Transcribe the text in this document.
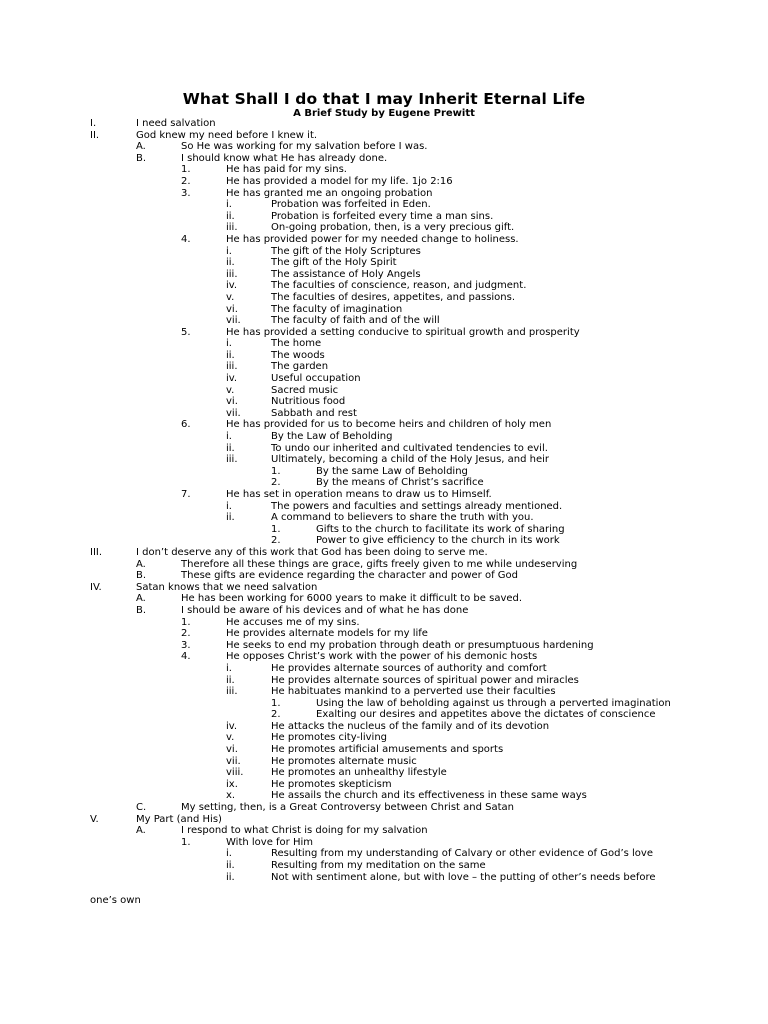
What Shall I do that I may Inherit Eternal Life
A Brief Study by Eugene Prewitt
I.	I need salvation
II.	God knew my need before I knew it.
A.	So He was working for my salvation before I was.
B.	I should know what He has already done.
1.	He has paid for my sins.
2.	He has provided a model for my life. 1jo 2:16
3.	He has granted me an ongoing probation
i.	Probation was forfeited in Eden.
ii.	Probation is forfeited every time a man sins.
iii.	On-going probation, then, is a very precious gift.
4.	He has provided power for my needed change to holiness.
i.	The gift of the Holy Scriptures
ii.	The gift of the Holy Spirit
iii.	The assistance of Holy Angels
iv.	The faculties of conscience, reason, and judgment.
v.	The faculties of desires, appetites, and passions.
vi.	The faculty of imagination
vii.	The faculty of faith and of the will
5.	He has provided a setting conducive to spiritual growth and prosperity
i.	The home
ii.	The woods
iii.	The garden
iv.	Useful occupation
v.	Sacred music
vi.	Nutritious food
vii.	Sabbath and rest
6.	He has provided for us to become heirs and children of holy men
i.	By the Law of Beholding
ii.	To undo our inherited and cultivated tendencies to evil.
iii.	Ultimately, becoming a child of the Holy Jesus, and heir
1.	By the same Law of Beholding
2.	By the means of Christ’s sacrifice
7.	He has set in operation means to draw us to Himself.
i.	The powers and faculties and settings already mentioned.
ii.	A command to believers to share the truth with you.
1.	Gifts to the church to facilitate its work of sharing
2.	Power to give efficiency to the church in its work
III.	I don’t deserve any of this work that God has been doing to serve me.
A.	Therefore all these things are grace, gifts freely given to me while undeserving
B.	These gifts are evidence regarding the character and power of God
IV.	Satan knows that we need salvation
A.	He has been working for 6000 years to make it difficult to be saved.
B.	I should be aware of his devices and of what he has done
1.	He accuses me of my sins.
2.	He provides alternate models for my life
3.	He seeks to end my probation through death or presumptuous hardening
4.	He opposes Christ’s work with the power of his demonic hosts
i.	He provides alternate sources of authority and comfort
ii.	He provides alternate sources of spiritual power and miracles
iii.	He habituates mankind to a perverted use their faculties
1.	Using the law of beholding against us through a perverted imagination
2.	Exalting our desires and appetites above the dictates of conscience
iv.	He attacks the nucleus of the family and of its devotion
v.	He promotes city-living
vi.	He promotes artificial amusements and sports
vii.	He promotes alternate music
viii.	He promotes an unhealthy lifestyle
ix.	He promotes skepticism
x.	He assails the church and its effectiveness in these same ways
C.	My setting, then, is a Great Controversy between Christ and Satan
V.	My Part (and His)
A.	I respond to what Christ is doing for my salvation
1.	With love for Him
i.	Resulting from my understanding of Calvary or other evidence of God’s love
ii.	Resulting from my meditation on the same
ii.	Not with sentiment alone, but with love – the putting of other’s needs before
one’s own
